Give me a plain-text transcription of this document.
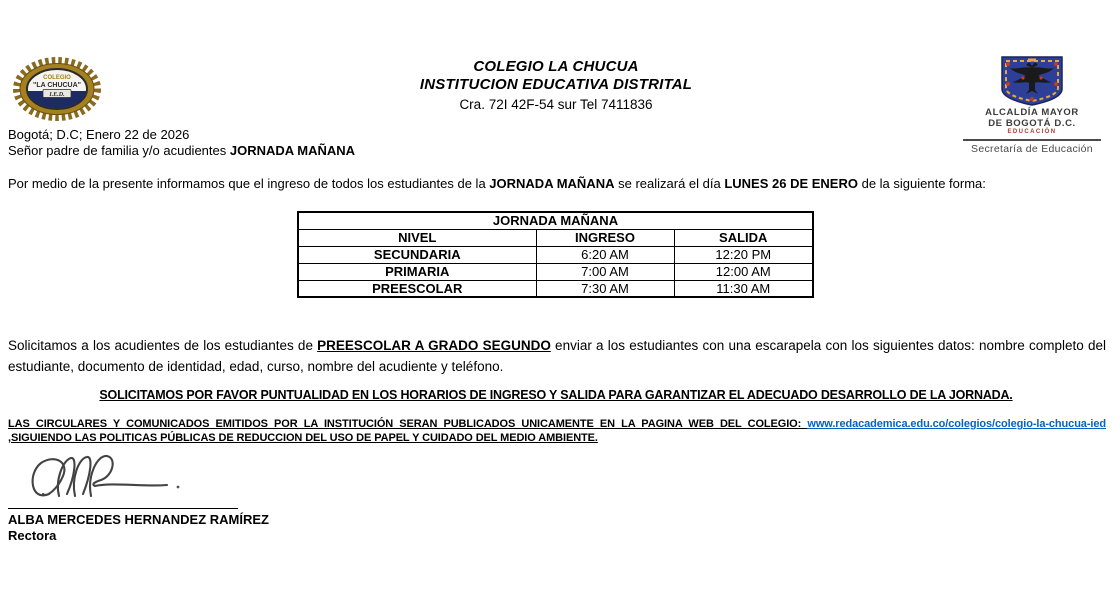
COLEGIO
"LA CHUCUA"
I.E.D.
COLEGIO LA CHUCUA
INSTITUCION EDUCATIVA DISTRITAL
Cra. 72I 42F-54 sur Tel 7411836
ALCALDÍA MAYOR
DE BOGOTÁ D.C.
EDUCACIÓN
Secretaría de Educación
Bogotá; D.C; Enero 22 de 2026
Señor padre de familia y/o acudientes JORNADA MAÑANA
Por medio de la presente informamos que el ingreso de todos los estudiantes de la JORNADA MAÑANA se realizará el día LUNES 26 DE ENERO de la siguiente forma:
JORNADA MAÑANA		
NIVEL	INGRESO	SALIDA
SECUNDARIA	6:20 AM	12:20 PM
PRIMARIA	7:00 AM	12:00 AM
PREESCOLAR	7:30 AM	11:30 AM
Solicitamos a los acudientes de los estudiantes de PREESCOLAR A GRADO SEGUNDO enviar a los estudiantes con una escarapela con los siguientes datos: nombre completo del estudiante, documento de identidad, edad, curso, nombre del acudiente y teléfono.
SOLICITAMOS POR FAVOR PUNTUALIDAD EN LOS HORARIOS DE INGRESO Y SALIDA PARA GARANTIZAR EL ADECUADO DESARROLLO DE LA JORNADA.
LAS CIRCULARES Y COMUNICADOS EMITIDOS POR LA INSTITUCIÓN SERAN PUBLICADOS UNICAMENTE EN LA PAGINA WEB DEL COLEGIO: www.redacademica.edu.co/colegios/colegio-la-chucua-ied ,SIGUIENDO LAS POLITICAS PÚBLICAS DE REDUCCION DEL USO DE PAPEL Y CUIDADO DEL MEDIO AMBIENTE.
ALBA MERCEDES HERNANDEZ RAMÍREZ
Rectora
